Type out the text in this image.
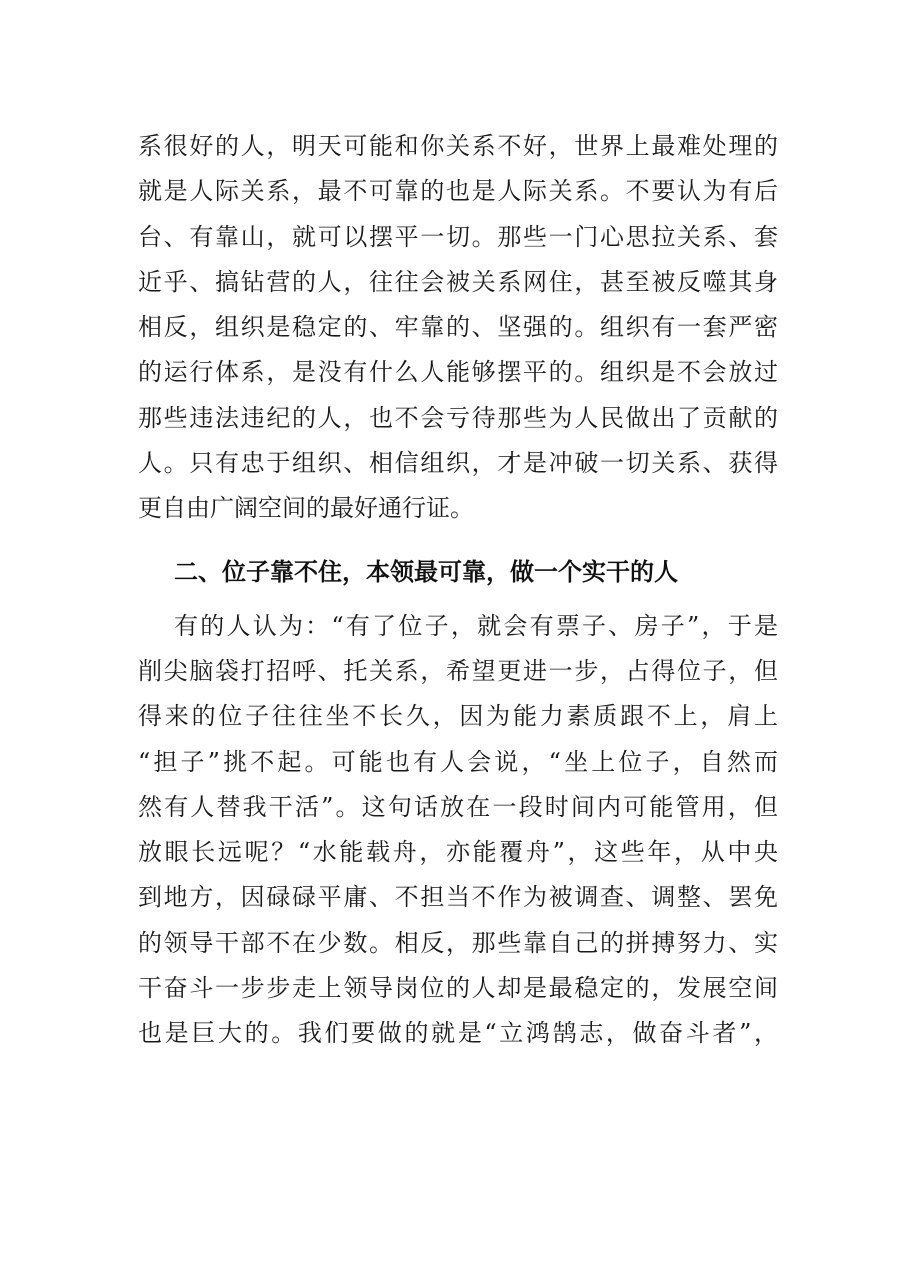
系很好的人，明天可能和你关系不好，世界上最难处理的
就是人际关系，最不可靠的也是人际关系。不要认为有后
台、有靠山，就可以摆平一切。那些一门心思拉关系、套
近乎、搞钻营的人，往往会被关系网住，甚至被反噬其身
相反，组织是稳定的、牢靠的、坚强的。组织有一套严密
的运行体系，是没有什么人能够摆平的。组织是不会放过
那些违法违纪的人，也不会亏待那些为人民做出了贡献的
人。只有忠于组织、相信组织，才是冲破一切关系、获得
更自由广阔空间的最好通行证。
二、位子靠不住，本领最可靠，做一个实干的人
有的人认为：“有了位子，就会有票子、房子”，于是
削尖脑袋打招呼、托关系，希望更进一步，占得位子，但
得来的位子往往坐不长久，因为能力素质跟不上，肩上
“担子”挑不起。可能也有人会说，“坐上位子，自然而
然有人替我干活”。这句话放在一段时间内可能管用，但
放眼长远呢？“水能载舟，亦能覆舟”，这些年，从中央
到地方，因碌碌平庸、不担当不作为被调查、调整、罢免
的领导干部不在少数。相反，那些靠自己的拼搏努力、实
干奋斗一步步走上领导岗位的人却是最稳定的，发展空间
也是巨大的。我们要做的就是“立鸿鹄志，做奋斗者”，
